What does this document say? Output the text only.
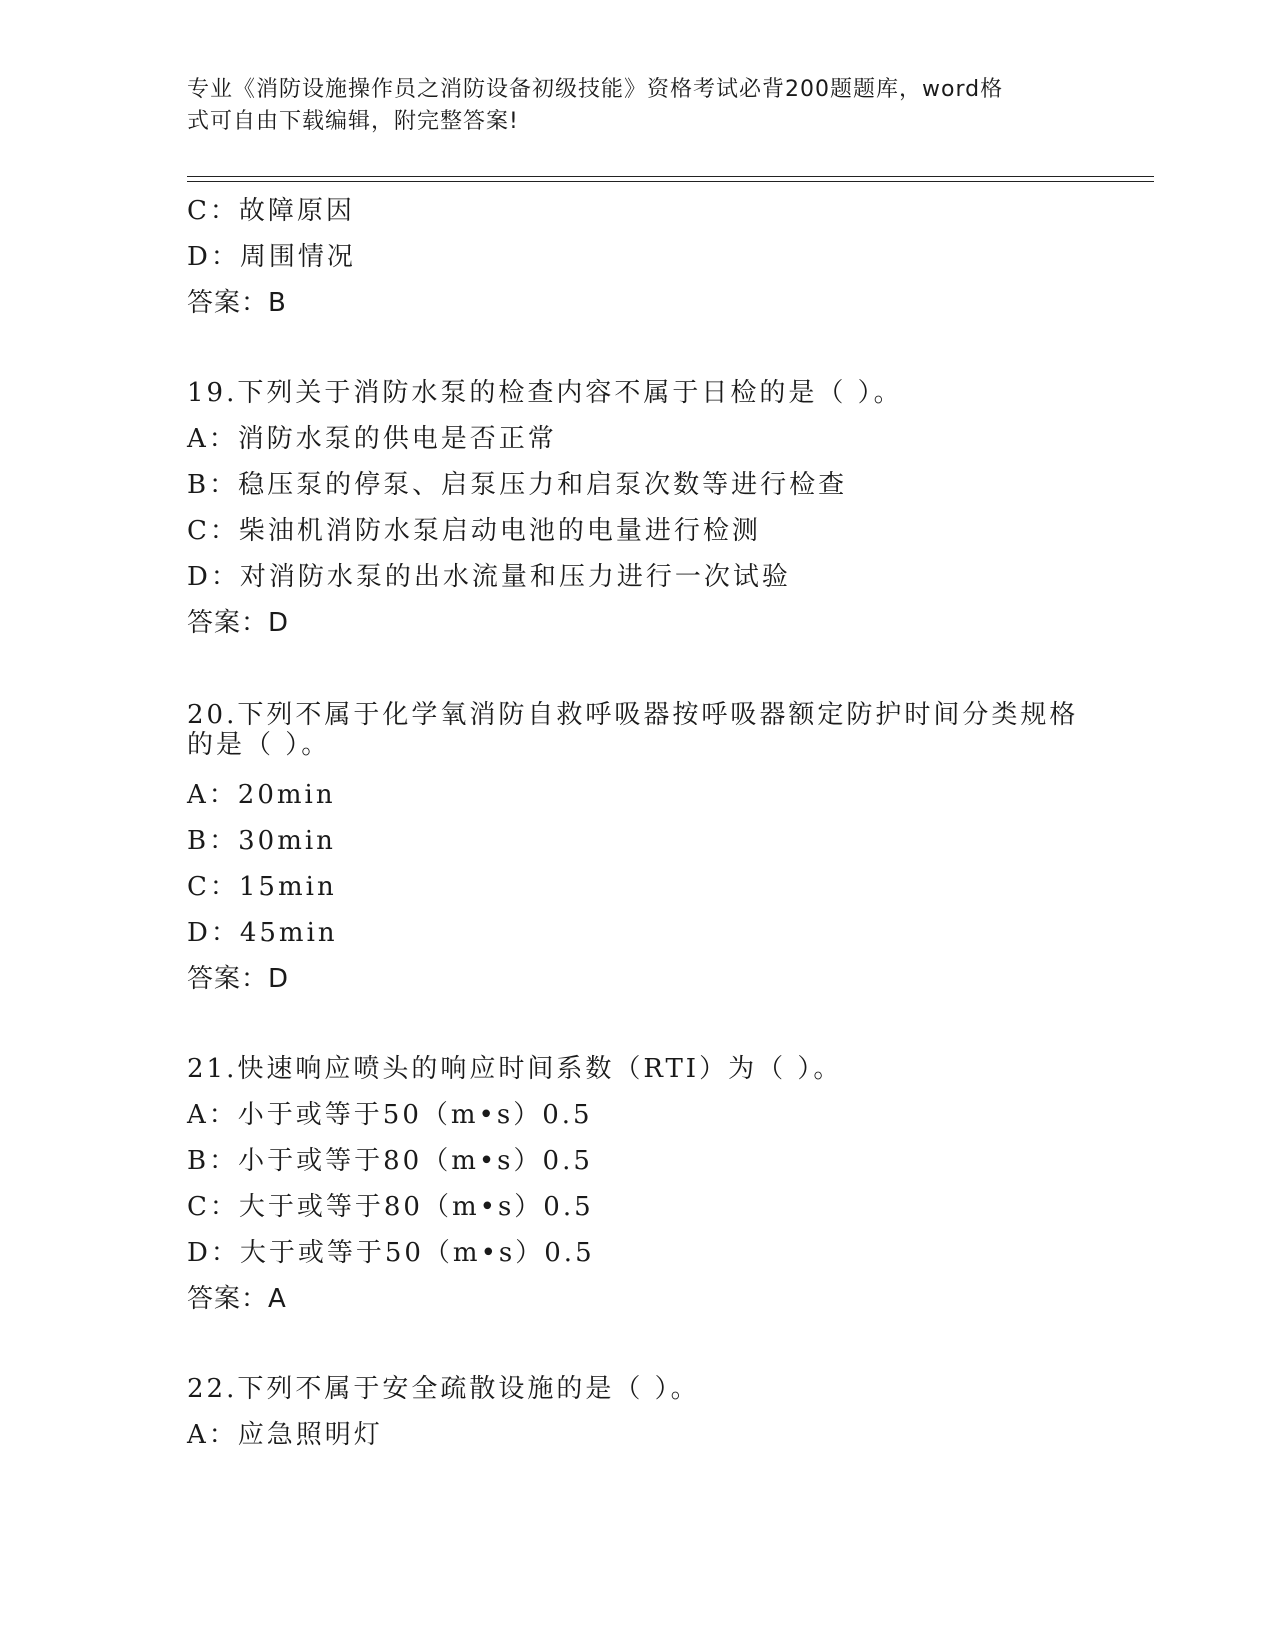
专业《消防设施操作员之消防设备初级技能》资格考试必背200题题库，word格
式可自由下载编辑，附完整答案!
C：故障原因
D：周围情况
答案：B
19.下列关于消防水泵的检查内容不属于日检的是（ ）。
A：消防水泵的供电是否正常
B：稳压泵的停泵、启泵压力和启泵次数等进行检查
C：柴油机消防水泵启动电池的电量进行检测
D：对消防水泵的出水流量和压力进行一次试验
答案：D
20.下列不属于化学氧消防自救呼吸器按呼吸器额定防护时间分类规格
的是（ ）。
A：20min
B：30min
C：15min
D：45min
答案：D
21.快速响应喷头的响应时间系数（RTI）为（ ）。
A：小于或等于50（m•s）0.5
B：小于或等于80（m•s）0.5
C：大于或等于80（m•s）0.5
D：大于或等于50（m•s）0.5
答案：A
22.下列不属于安全疏散设施的是（ ）。
A：应急照明灯
